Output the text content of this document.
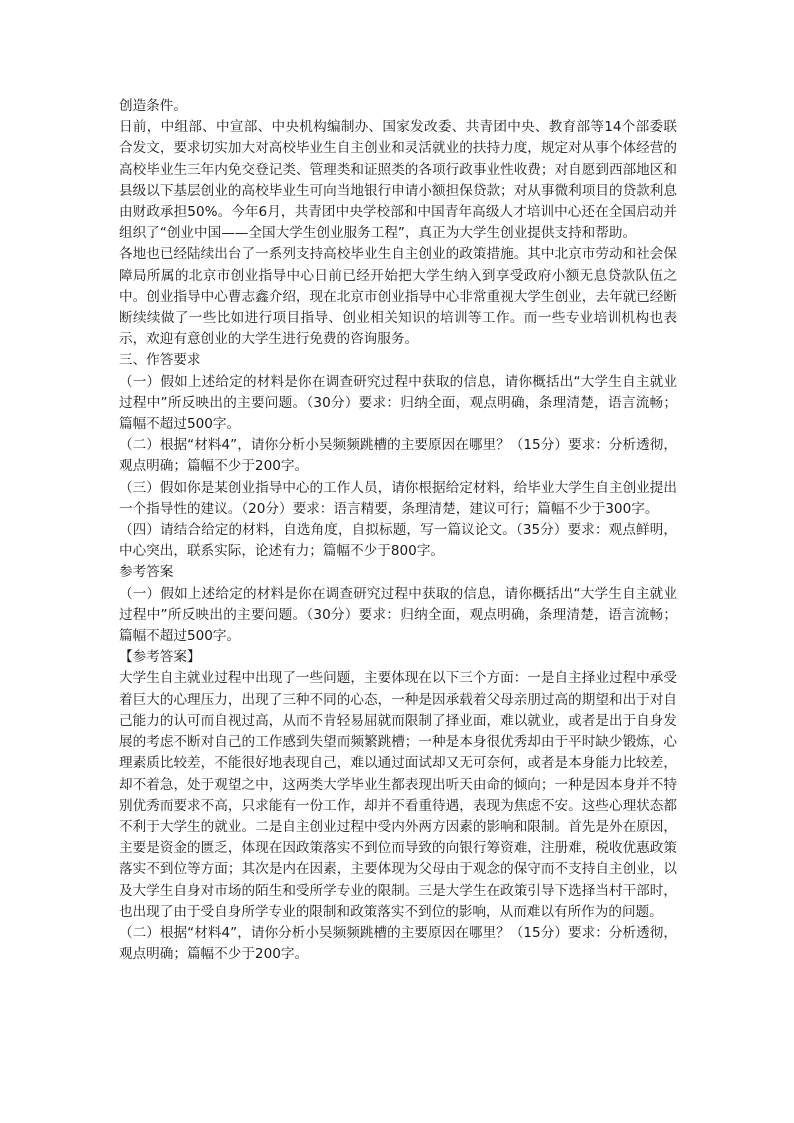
创造条件。

日前，中组部、中宣部、中央机构编制办、国家发改委、共青团中央、教育部等14个部委联合发文，要求切实加大对高校毕业生自主创业和灵活就业的扶持力度，规定对从事个体经营的高校毕业生三年内免交登记类、管理类和证照类的各项行政事业性收费；对自愿到西部地区和县级以下基层创业的高校毕业生可向当地银行申请小额担保贷款；对从事微利项目的贷款利息由财政承担50%。今年6月，共青团中央学校部和中国青年高级人才培训中心还在全国启动并组织了“创业中国——全国大学生创业服务工程”，真正为大学生创业提供支持和帮助。

各地也已经陆续出台了一系列支持高校毕业生自主创业的政策措施。其中北京市劳动和社会保障局所属的北京市创业指导中心日前已经开始把大学生纳入到享受政府小额无息贷款队伍之中。创业指导中心曹志鑫介绍，现在北京市创业指导中心非常重视大学生创业，去年就已经断断续续做了一些比如进行项目指导、创业相关知识的培训等工作。而一些专业培训机构也表示，欢迎有意创业的大学生进行免费的咨询服务。

三、作答要求

（一）假如上述给定的材料是你在调查研究过程中获取的信息，请你概括出“大学生自主就业过程中”所反映出的主要问题。（30分）要求：归纳全面，观点明确，条理清楚，语言流畅；篇幅不超过500字。

（二）根据“材料4”，请你分析小吴频频跳槽的主要原因在哪里？（15分）要求：分析透彻，观点明确；篇幅不少于200字。

（三）假如你是某创业指导中心的工作人员，请你根据给定材料，给毕业大学生自主创业提出一个指导性的建议。（20分）要求：语言精要，条理清楚，建议可行；篇幅不少于300字。

（四）请结合给定的材料，自选角度，自拟标题，写一篇议论文。（35分）要求：观点鲜明，中心突出，联系实际，论述有力；篇幅不少于800字。

参考答案

（一）假如上述给定的材料是你在调查研究过程中获取的信息，请你概括出“大学生自主就业过程中”所反映出的主要问题。（30分）要求：归纳全面，观点明确，条理清楚，语言流畅；篇幅不超过500字。

【参考答案】

大学生自主就业过程中出现了一些问题，主要体现在以下三个方面：一是自主择业过程中承受着巨大的心理压力，出现了三种不同的心态，一种是因承载着父母亲朋过高的期望和出于对自己能力的认可而自视过高，从而不肯轻易屈就而限制了择业面，难以就业，或者是出于自身发展的考虑不断对自己的工作感到失望而频繁跳槽；一种是本身很优秀却由于平时缺少锻炼，心理素质比较差，不能很好地表现自己，难以通过面试却又无可奈何，或者是本身能力比较差，却不着急，处于观望之中，这两类大学毕业生都表现出听天由命的倾向；一种是因本身并不特别优秀而要求不高，只求能有一份工作，却并不看重待遇，表现为焦虑不安。这些心理状态都不利于大学生的就业。二是自主创业过程中受内外两方因素的影响和限制。首先是外在原因，主要是资金的匮乏，体现在因政策落实不到位而导致的向银行筹资难，注册难，税收优惠政策落实不到位等方面；其次是内在因素，主要体现为父母由于观念的保守而不支持自主创业，以及大学生自身对市场的陌生和受所学专业的限制。三是大学生在政策引导下选择当村干部时，也出现了由于受自身所学专业的限制和政策落实不到位的影响，从而难以有所作为的问题。

（二）根据“材料4”，请你分析小吴频频跳槽的主要原因在哪里？（15分）要求：分析透彻，观点明确；篇幅不少于200字。
